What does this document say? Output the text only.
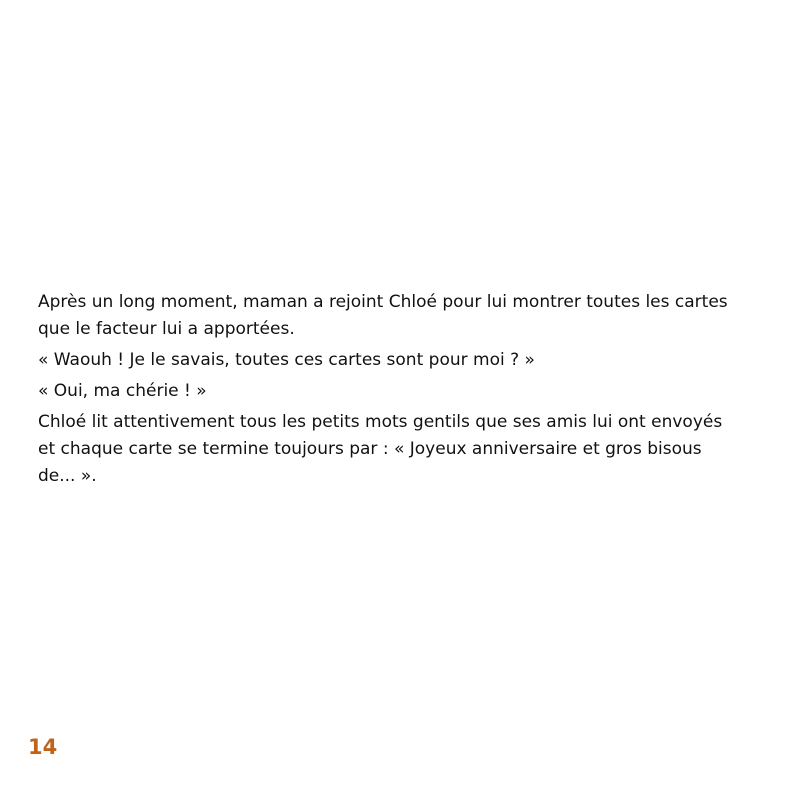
Après un long moment, maman a rejoint Chloé pour lui montrer toutes les cartes
que le facteur lui a apportées.
« Waouh ! Je le savais, toutes ces cartes sont pour moi ? »
« Oui, ma chérie ! »
Chloé lit attentivement tous les petits mots gentils que ses amis lui ont envoyés
et chaque carte se termine toujours par : « Joyeux anniversaire et gros bisous
de... ».
14
